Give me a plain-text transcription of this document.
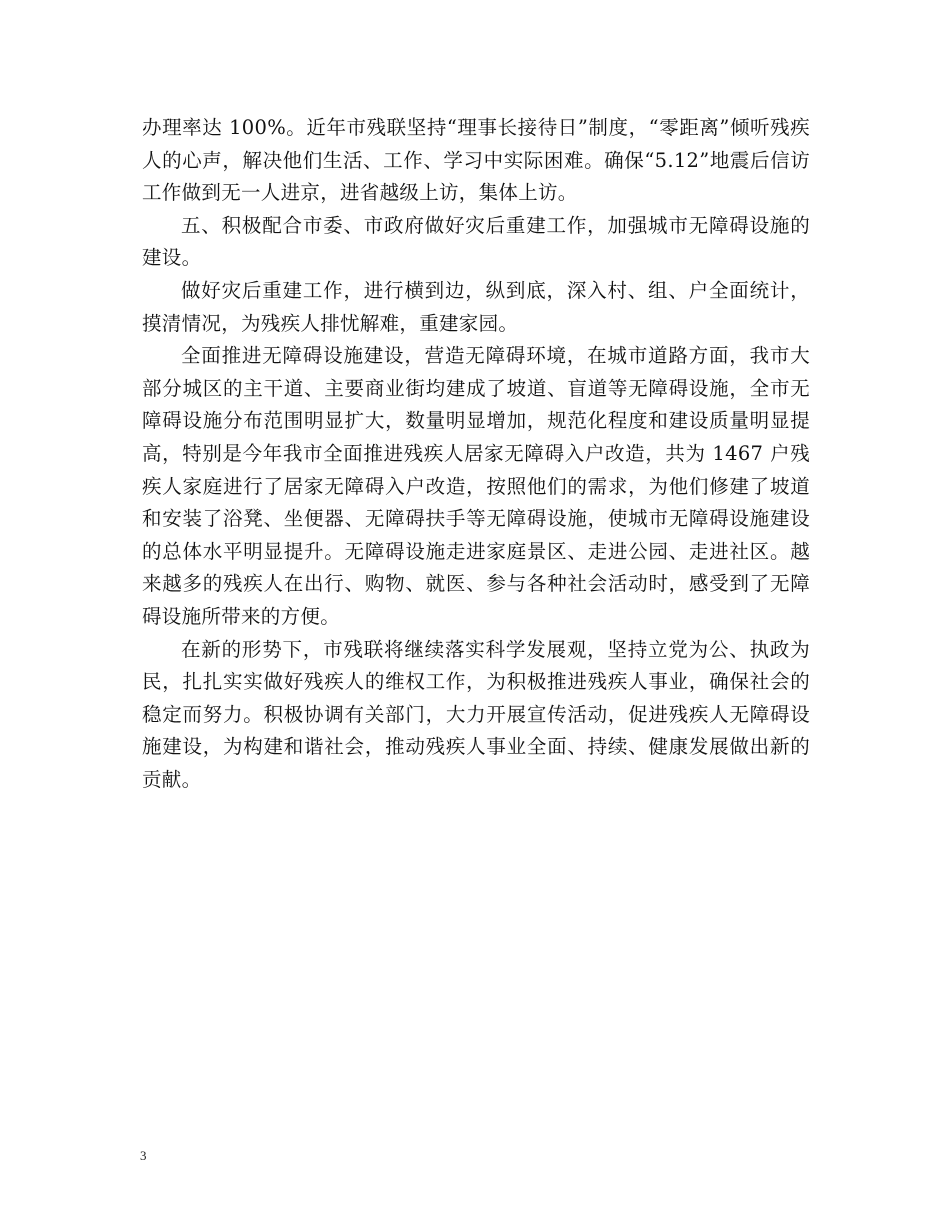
办理率达 100%。近年市残联坚持“理事长接待日”制度，“零距离”倾听残疾人的心声，解决他们生活、工作、学习中实际困难。确保“5.12”地震后信访工作做到无一人进京，进省越级上访，集体上访。

五、积极配合市委、市政府做好灾后重建工作，加强城市无障碍设施的建设。

做好灾后重建工作，进行横到边，纵到底，深入村、组、户全面统计，摸清情况，为残疾人排忧解难，重建家园。

全面推进无障碍设施建设，营造无障碍环境，在城市道路方面，我市大部分城区的主干道、主要商业街均建成了坡道、盲道等无障碍设施，全市无障碍设施分布范围明显扩大，数量明显增加，规范化程度和建设质量明显提高，特别是今年我市全面推进残疾人居家无障碍入户改造，共为 1467 户残疾人家庭进行了居家无障碍入户改造，按照他们的需求，为他们修建了坡道和安装了浴凳、坐便器、无障碍扶手等无障碍设施，使城市无障碍设施建设的总体水平明显提升。无障碍设施走进家庭景区、走进公园、走进社区。越来越多的残疾人在出行、购物、就医、参与各种社会活动时，感受到了无障碍设施所带来的方便。

在新的形势下，市残联将继续落实科学发展观，坚持立党为公、执政为民，扎扎实实做好残疾人的维权工作，为积极推进残疾人事业，确保社会的稳定而努力。积极协调有关部门，大力开展宣传活动，促进残疾人无障碍设施建设，为构建和谐社会，推动残疾人事业全面、持续、健康发展做出新的贡献。

3
